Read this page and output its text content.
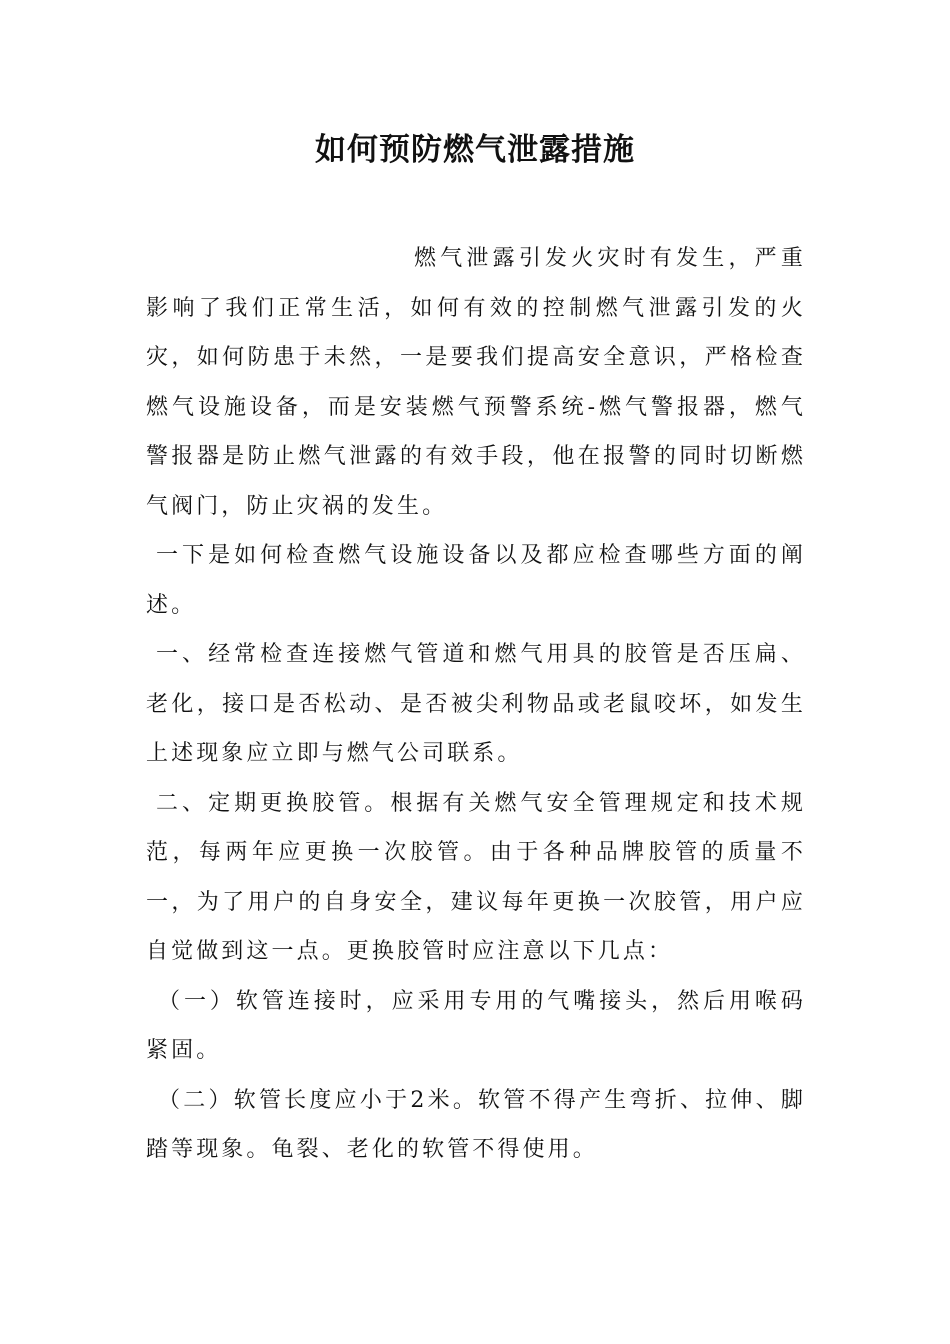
如何预防燃气泄露措施

燃气泄露引发火灾时有发生，严重影响了我们正常生活，如何有效的控制燃气泄露引发的火灾，如何防患于未然，一是要我们提高安全意识，严格检查燃气设施设备，而是安装燃气预警系统-燃气警报器，燃气警报器是防止燃气泄露的有效手段，他在报警的同时切断燃气阀门，防止灾祸的发生。

一下是如何检查燃气设施设备以及都应检查哪些方面的阐述。

一、经常检查连接燃气管道和燃气用具的胶管是否压扁、老化，接口是否松动、是否被尖利物品或老鼠咬坏，如发生上述现象应立即与燃气公司联系。

二、定期更换胶管。根据有关燃气安全管理规定和技术规范，每两年应更换一次胶管。由于各种品牌胶管的质量不一，为了用户的自身安全，建议每年更换一次胶管，用户应自觉做到这一点。更换胶管时应注意以下几点：

（一）软管连接时，应采用专用的气嘴接头，然后用喉码紧固。

（二）软管长度应小于2米。软管不得产生弯折、拉伸、脚踏等现象。龟裂、老化的软管不得使用。
